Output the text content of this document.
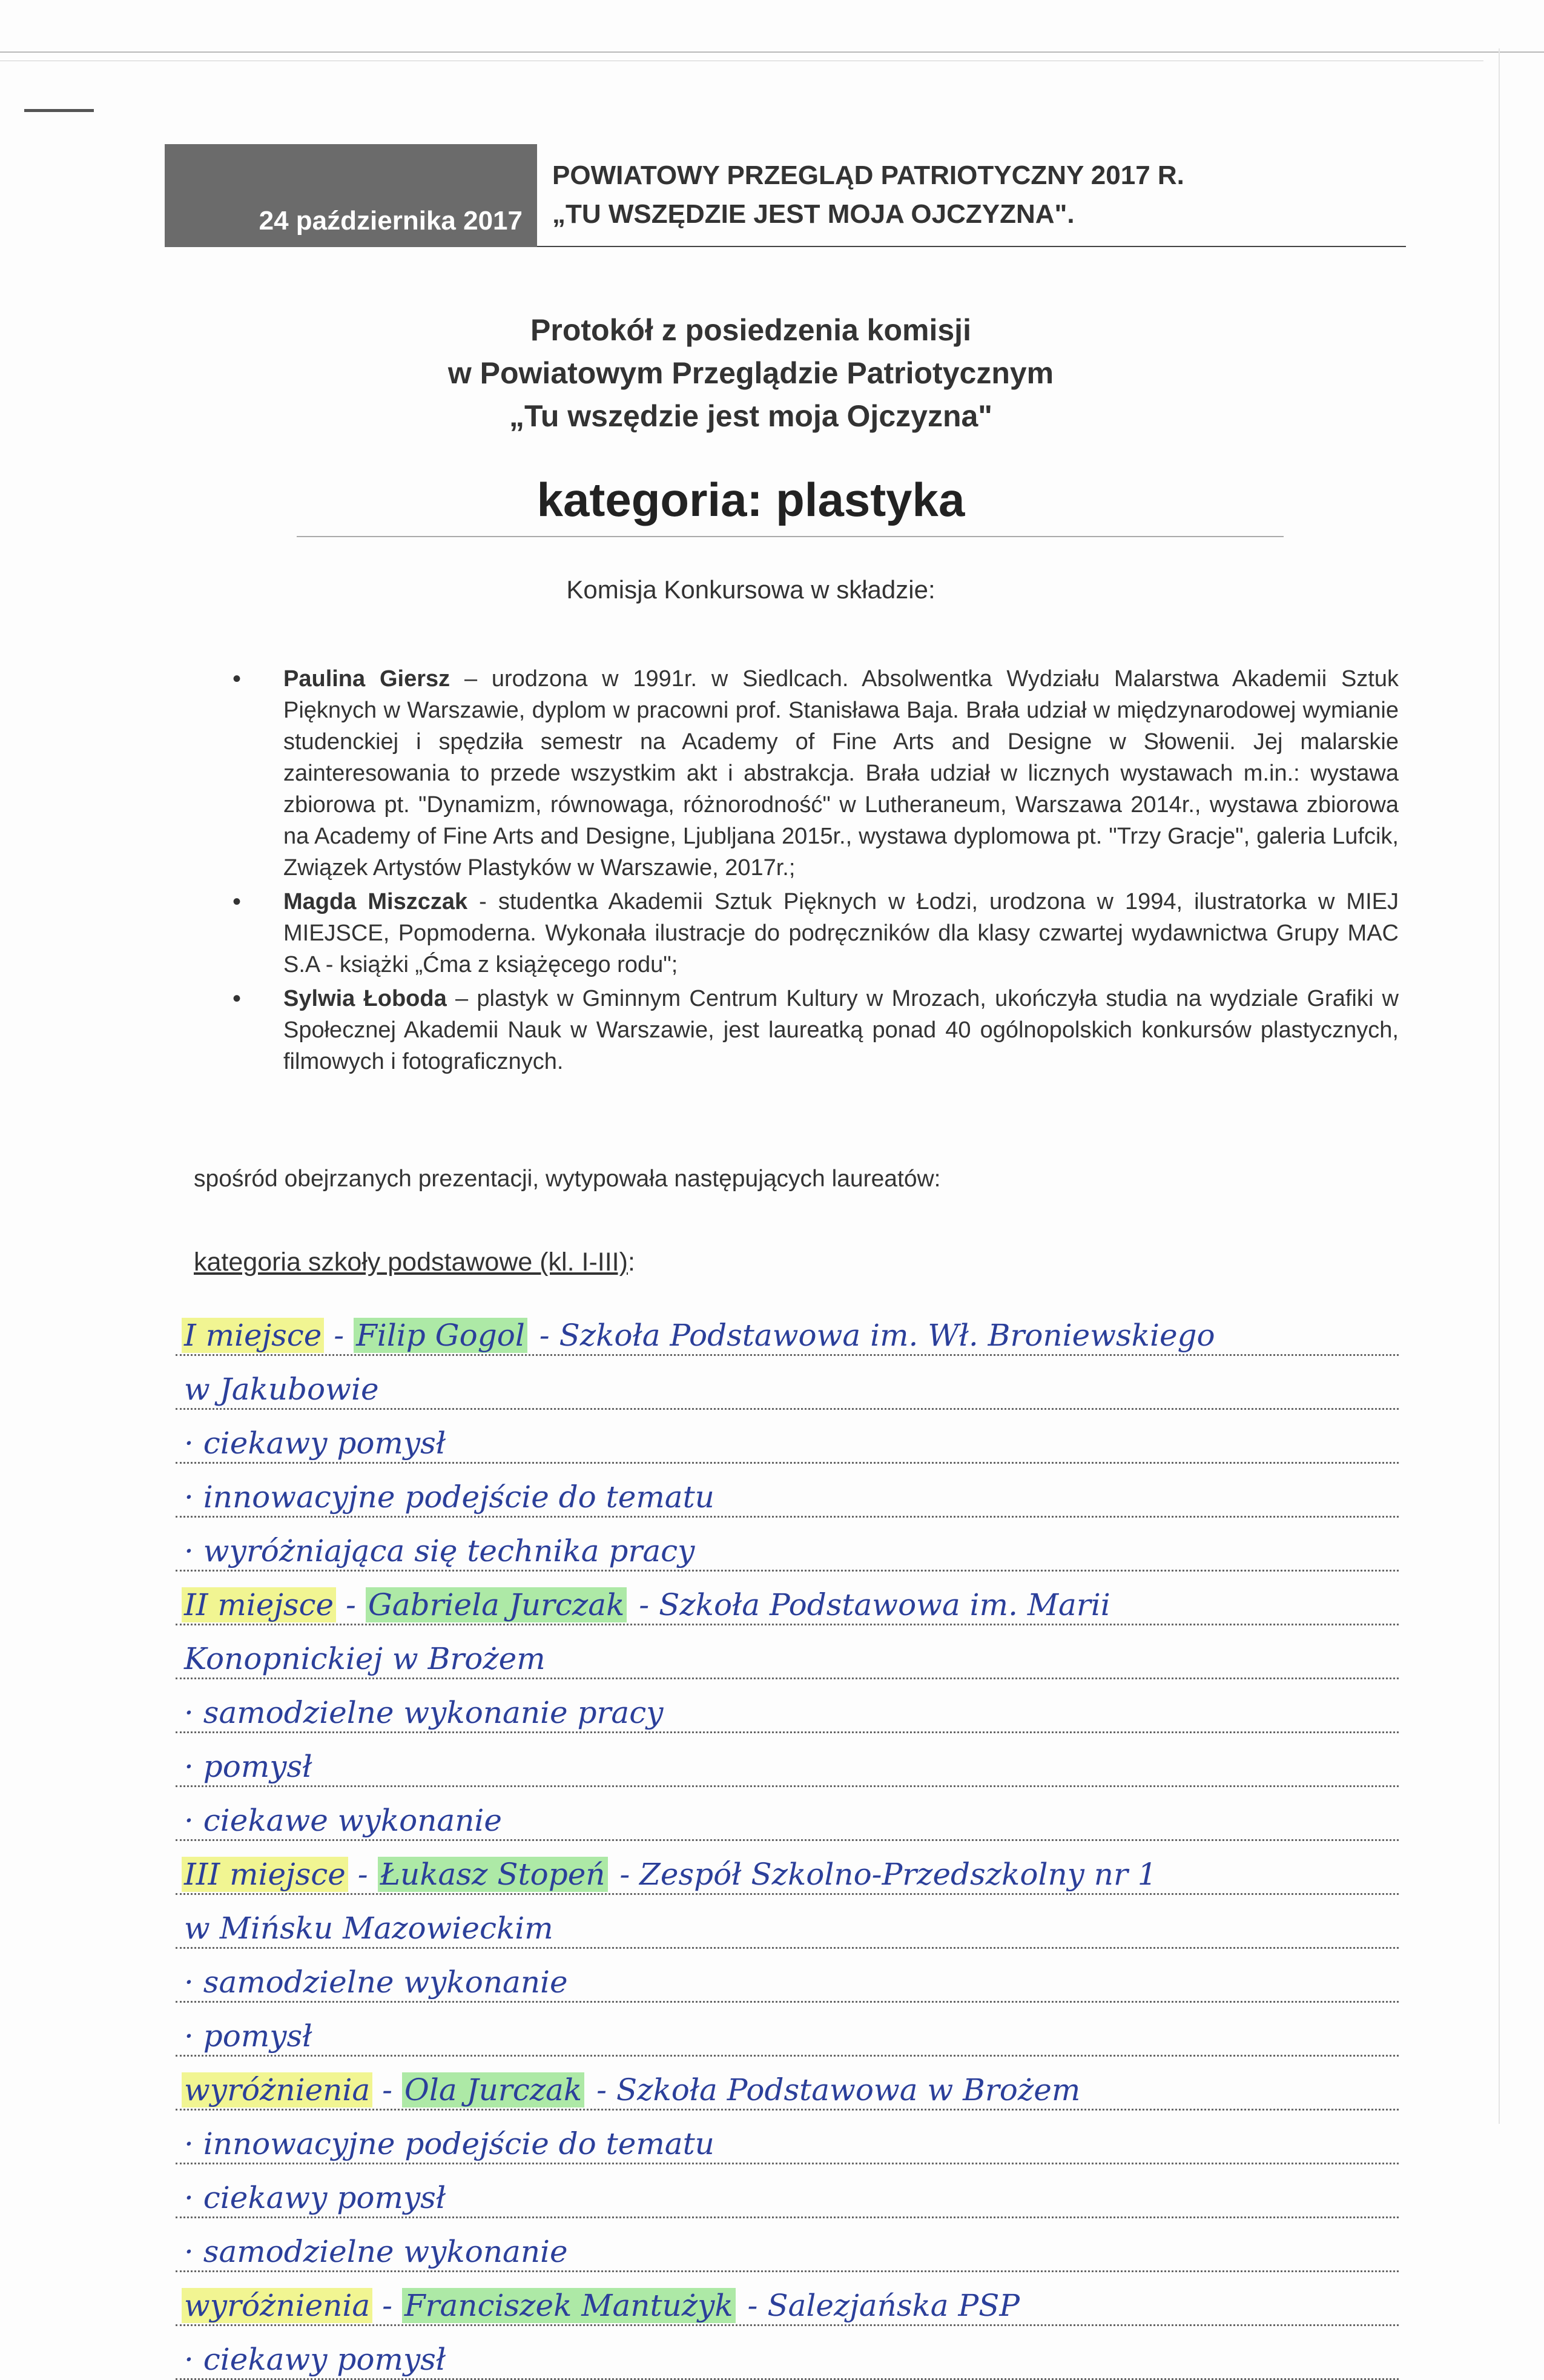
24 października 2017
POWIATOWY PRZEGLĄD PATRIOTYCZNY 2017 R.
„TU WSZĘDZIE JEST MOJA OJCZYZNA".
Protokół z posiedzenia komisji
w Powiatowym Przeglądzie Patriotycznym
„Tu wszędzie jest moja Ojczyzna"
kategoria: plastyka
Komisja Konkursowa w składzie:
• Paulina Giersz – urodzona w 1991r. w Siedlcach. Absolwentka Wydziału Malarstwa Akademii Sztuk Pięknych w Warszawie, dyplom w pracowni prof. Stanisława Baja. Brała udział w międzynarodowej wymianie studenckiej i spędziła semestr na Academy of Fine Arts and Designe w Słowenii. Jej malarskie zainteresowania to przede wszystkim akt i abstrakcja. Brała udział w licznych wystawach m.in.: wystawa zbiorowa pt. "Dynamizm, równowaga, różnorodność" w Lutheraneum, Warszawa 2014r., wystawa zbiorowa na Academy of Fine Arts and Designe, Ljubljana 2015r., wystawa dyplomowa pt. "Trzy Gracje", galeria Lufcik, Związek Artystów Plastyków w Warszawie, 2017r.;
• Magda Miszczak - studentka Akademii Sztuk Pięknych w Łodzi, urodzona w 1994, ilustratorka w MIEJ MIEJSCE, Popmoderna. Wykonała ilustracje do podręczników dla klasy czwartej wydawnictwa Grupy MAC S.A - książki „Ćma z książęcego rodu";
• Sylwia Łoboda – plastyk w Gminnym Centrum Kultury w Mrozach, ukończyła studia na wydziale Grafiki w Społecznej Akademii Nauk w Warszawie, jest laureatką ponad 40 ogólnopolskich konkursów plastycznych, filmowych i fotograficznych.
spośród obejrzanych prezentacji, wytypowała następujących laureatów:
kategoria szkoły podstawowe (kl. I-III):
I miejsce - Filip Gogol - Szkoła Podstawowa im. Wł. Broniewskiego
w Jakubowie
· ciekawy pomysł
· innowacyjne podejście do tematu
· wyróżniająca się technika pracy
II miejsce - Gabriela Jurczak - Szkoła Podstawowa im. Marii
Konopnickiej w Brożem
· samodzielne wykonanie pracy
· pomysł
· ciekawe wykonanie
III miejsce - Łukasz Stopeń - Zespół Szkolno-Przedszkolny nr 1
w Mińsku Mazowieckim
· samodzielne wykonanie
· pomysł
wyróżnienia - Ola Jurczak - Szkoła Podstawowa w Brożem
· innowacyjne podejście do tematu
· ciekawy pomysł
· samodzielne wykonanie
wyróżnienia - Franciszek Mantużyk - Salezjańska PSP
· ciekawy pomysł
